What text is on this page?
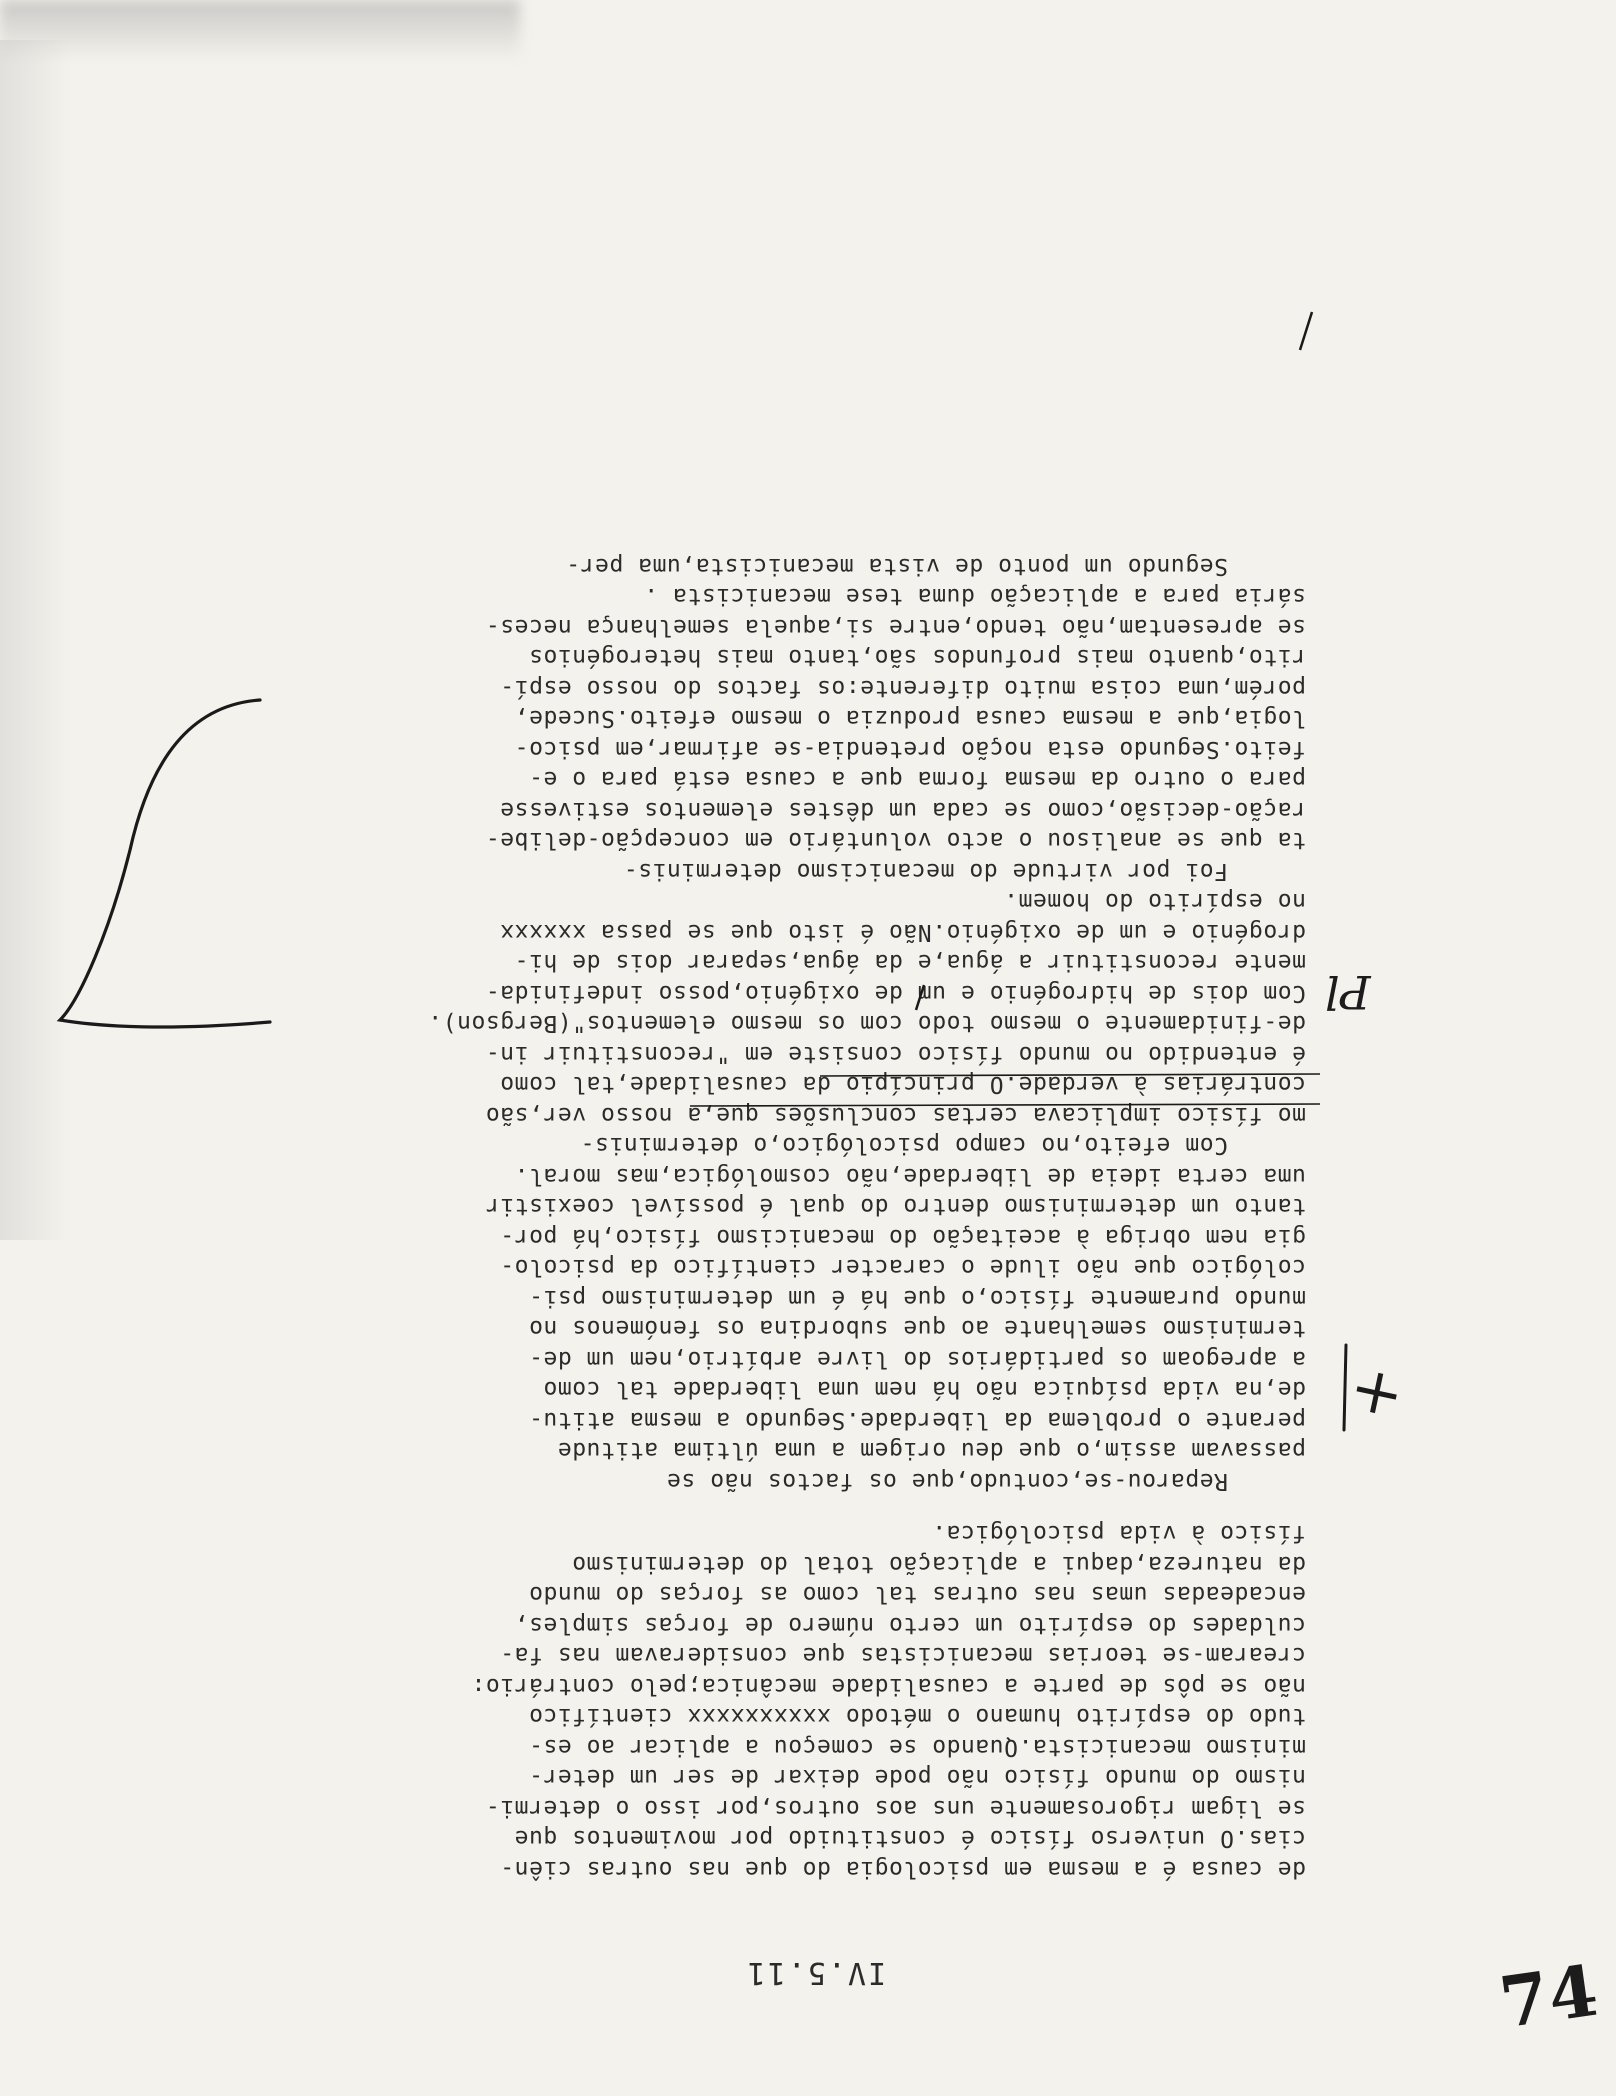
IV.5.11
de causa é a mesma em psicologia do que nas outras ciên-
cias.O universo físico é constituido por movimentos que
se ligam rigorosamente uns aos outros,por isso o determi-
nismo do mundo físico não pode deixar de ser um deter-
minismo mecanicista.Quando se começou a aplicar ao es-
tudo do espírito humano o método xxxxxxxxxx científico
não se pôs de parte a causalidade mecânica;pelo contrário:
crearam-se teorias mecanicistas que consideravam nas fa-
culdades do espírito um certo número de forças simples,
encadeadas umas nas outras tal como as forças do mundo
da natureza,daqui a aplicação total do determinismo
físico à vida psicológica.
Reparou-se,contudo,que os factos não se
passavam assim,o que deu origem a uma última atitude
perante o problema da liberdade.Segundo a mesma atitu-
de,na vida psíquica não há nem uma liberdade tal como
a apregoam os partidários do livre arbítrio,nem um de-
terminismo semelhante ao que subordina os fenómenos no
mundo puramente físico,o que há é um determinismo psi-
cológico que não ilude o caracter científico da psicolo-
gia nem obriga à aceitação do mecanicismo físico,há por-
tanto um determinismo dentro do qual é possível coexistir
uma certa ideia de liberdade,não cosmológica,mas moral.
Com efeito,no campo psicológico,o determinis-
mo físico implicava certas conclusões que,a nosso ver,são
contrárias à verdade.O princípio da causalidade,tal como
é entendido no mundo físico consiste em "reconstituir in-
de-finidamente o mesmo todo com os mesmo elementos"(Bergson).
Com dois de hidrogénio e um de oxigénio,posso indefinida-
mente reconstituir a água,e da água,separar dois de hi-
drogénio e um de oxigénio.Não é isto que se passa xxxxxx
no espírito do homem.
Foi por virtude do mecanicismo determinis-
ta que se analisou o acto voluntário em concepção-delibe-
ração-decisão,como se cada um dêstes elementos estivesse
para o outro da mesma forma que a causa está para o e-
feito.Segundo esta noção pretendia-se afirmar,em psico-
logia,que a mesma causa produzia o mesmo efeito.Sucede,
porém,uma coisa muito diferente:os factos do nosso espí-
rito,quanto mais profundos são,tanto mais heterogénios
se apresentam,não tendo,entre si,aquela semelhança neces-
sária para a aplicação duma tese mecanicista .
Segundo um ponto de vista mecanicista,uma per-
+
Pl
74
